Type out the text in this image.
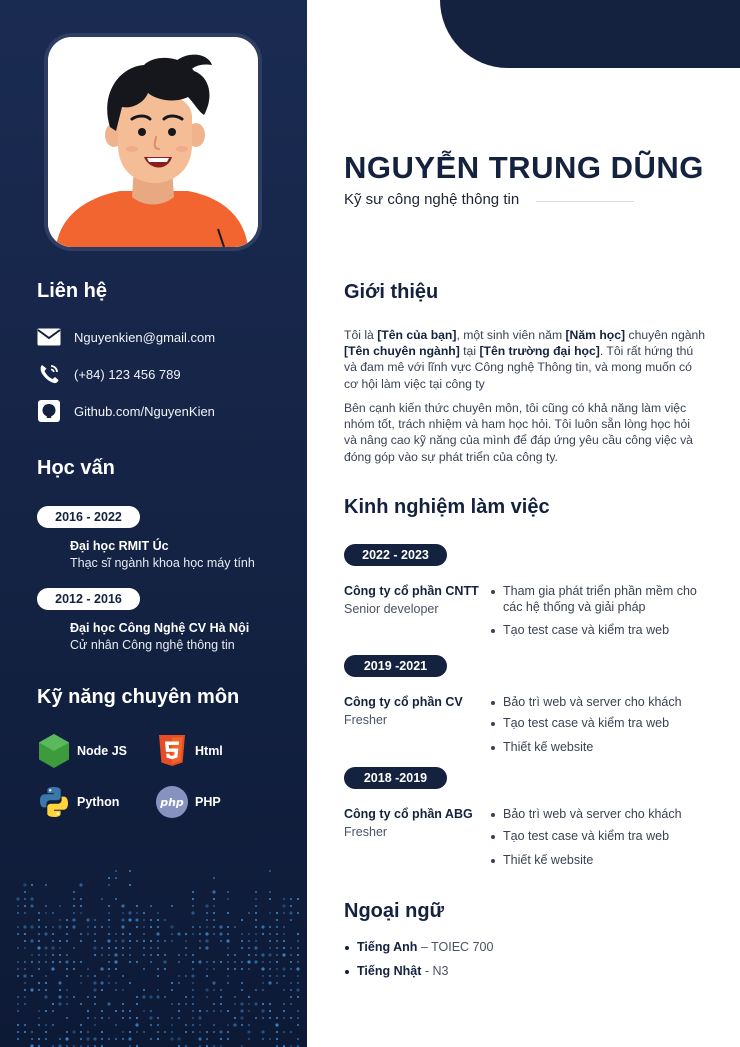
Liên hệ
Nguyenkien@gmail.com
(+84) 123 456 789
Github.com/NguyenKien
Học vấn
2016 - 2022
Đại học RMIT Úc
Thạc sĩ ngành khoa học máy tính
2012 - 2016
Đại học Công Nghệ CV Hà Nội
Cử nhân Công nghệ thông tin
Kỹ năng chuyên môn
Node JS	Html
Python	php PHP
NGUYỄN TRUNG DŨNG
Kỹ sư công nghệ thông tin
Giới thiệu

Tôi là [Tên của bạn], một sinh viên năm [Năm học] chuyên ngành [Tên chuyên ngành] tại [Tên trường đại học]. Tôi rất hứng thú và đam mê với lĩnh vực Công nghệ Thông tin, và mong muốn có cơ hội làm việc tại công ty

Bên cạnh kiến thức chuyên môn, tôi cũng có khả năng làm việc nhóm tốt, trách nhiệm và ham học hỏi. Tôi luôn sẵn lòng học hỏi và nâng cao kỹ năng của mình để đáp ứng yêu cầu công việc và đóng góp vào sự phát triển của công ty.

Kinh nghiệm làm việc
2022 - 2023
Công ty cổ phần CNTT
Senior developer
Tham gia phát triển phần mềm cho các hệ thống và giải pháp
Tạo test case và kiểm tra web
2019 -2021
Công ty cổ phần CV
Fresher
Bảo trì web và server cho khách
Tạo test case và kiểm tra web
Thiết kế website
2018 -2019
Công ty cổ phần ABG
Fresher
Bảo trì web và server cho khách
Tạo test case và kiểm tra web
Thiết kế website
Ngoại ngữ
Tiếng Anh – TOIEC 700
Tiếng Nhật - N3
